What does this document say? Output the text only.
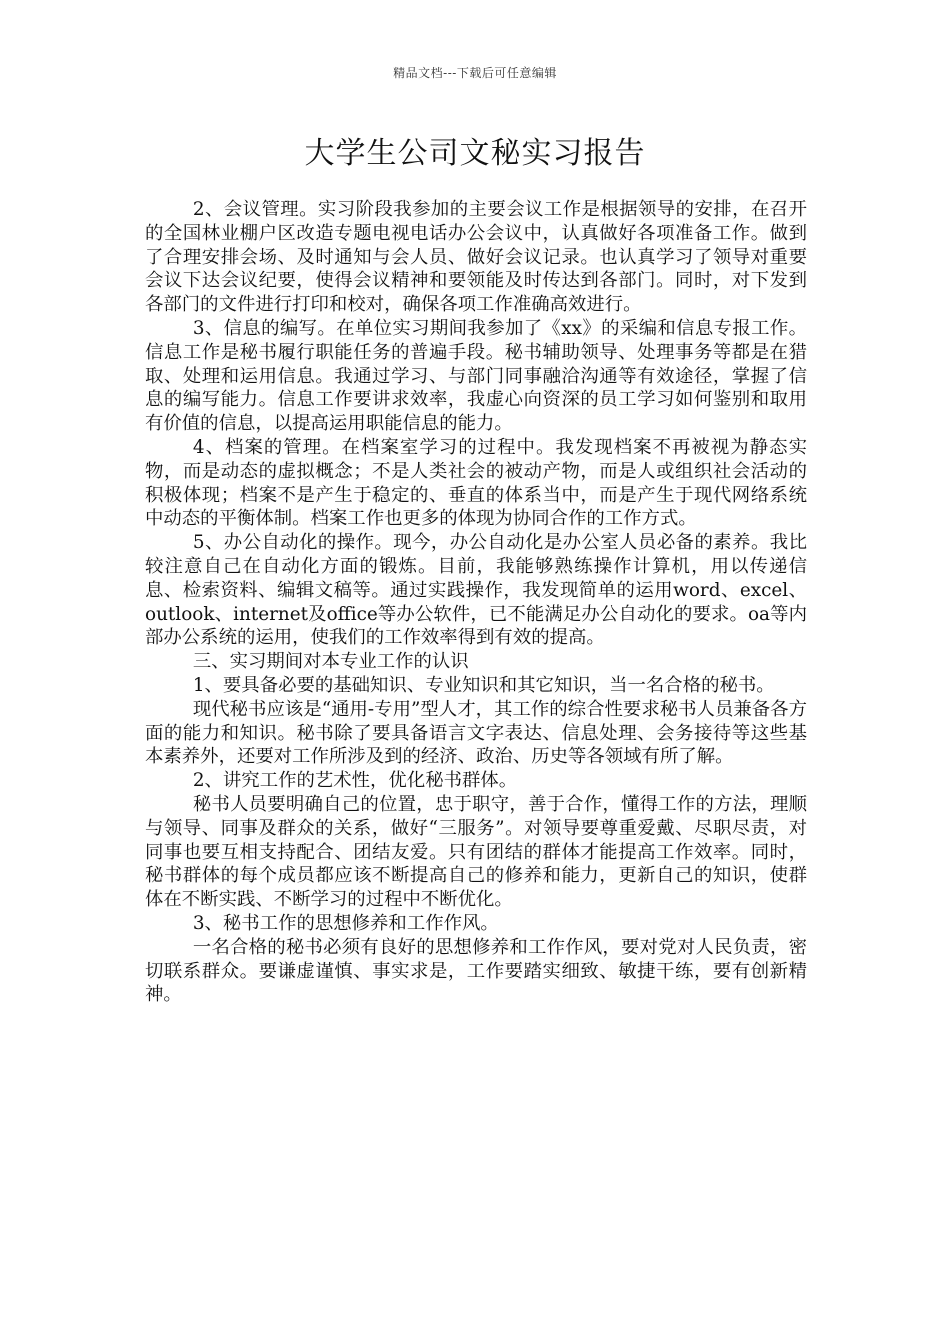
精品文档---下载后可任意编辑
大学生公司文秘实习报告

2、会议管理。实习阶段我参加的主要会议工作是根据领导的安排，在召开的全国林业棚户区改造专题电视电话办公会议中，认真做好各项准备工作。做到了合理安排会场、及时通知与会人员、做好会议记录。也认真学习了领导对重要会议下达会议纪要，使得会议精神和要领能及时传达到各部门。同时，对下发到各部门的文件进行打印和校对，确保各项工作准确高效进行。

3、信息的编写。在单位实习期间我参加了《xx》的采编和信息专报工作。信息工作是秘书履行职能任务的普遍手段。秘书辅助领导、处理事务等都是在猎取、处理和运用信息。我通过学习、与部门同事融洽沟通等有效途径，掌握了信息的编写能力。信息工作要讲求效率，我虚心向资深的员工学习如何鉴别和取用有价值的信息，以提高运用职能信息的能力。

4、档案的管理。在档案室学习的过程中。我发现档案不再被视为静态实物，而是动态的虚拟概念；不是人类社会的被动产物，而是人或组织社会活动的积极体现；档案不是产生于稳定的、垂直的体系当中，而是产生于现代网络系统中动态的平衡体制。档案工作也更多的体现为协同合作的工作方式。

5、办公自动化的操作。现今，办公自动化是办公室人员必备的素养。我比较注意自己在自动化方面的锻炼。目前，我能够熟练操作计算机，用以传递信息、检索资料、编辑文稿等。通过实践操作，我发现简单的运用word、excel、outlook、internet及office等办公软件，已不能满足办公自动化的要求。oa等内部办公系统的运用，使我们的工作效率得到有效的提高。

三、实习期间对本专业工作的认识

1、要具备必要的基础知识、专业知识和其它知识，当一名合格的秘书。

现代秘书应该是“通用-专用”型人才，其工作的综合性要求秘书人员兼备各方面的能力和知识。秘书除了要具备语言文字表达、信息处理、会务接待等这些基本素养外，还要对工作所涉及到的经济、政治、历史等各领域有所了解。

2、讲究工作的艺术性，优化秘书群体。

秘书人员要明确自己的位置，忠于职守，善于合作，懂得工作的方法，理顺与领导、同事及群众的关系，做好“三服务”。对领导要尊重爱戴、尽职尽责，对同事也要互相支持配合、团结友爱。只有团结的群体才能提高工作效率。同时，秘书群体的每个成员都应该不断提高自己的修养和能力，更新自己的知识，使群体在不断实践、不断学习的过程中不断优化。

3、秘书工作的思想修养和工作作风。

一名合格的秘书必须有良好的思想修养和工作作风，要对党对人民负责，密切联系群众。要谦虚谨慎、事实求是，工作要踏实细致、敏捷干练，要有创新精神。
